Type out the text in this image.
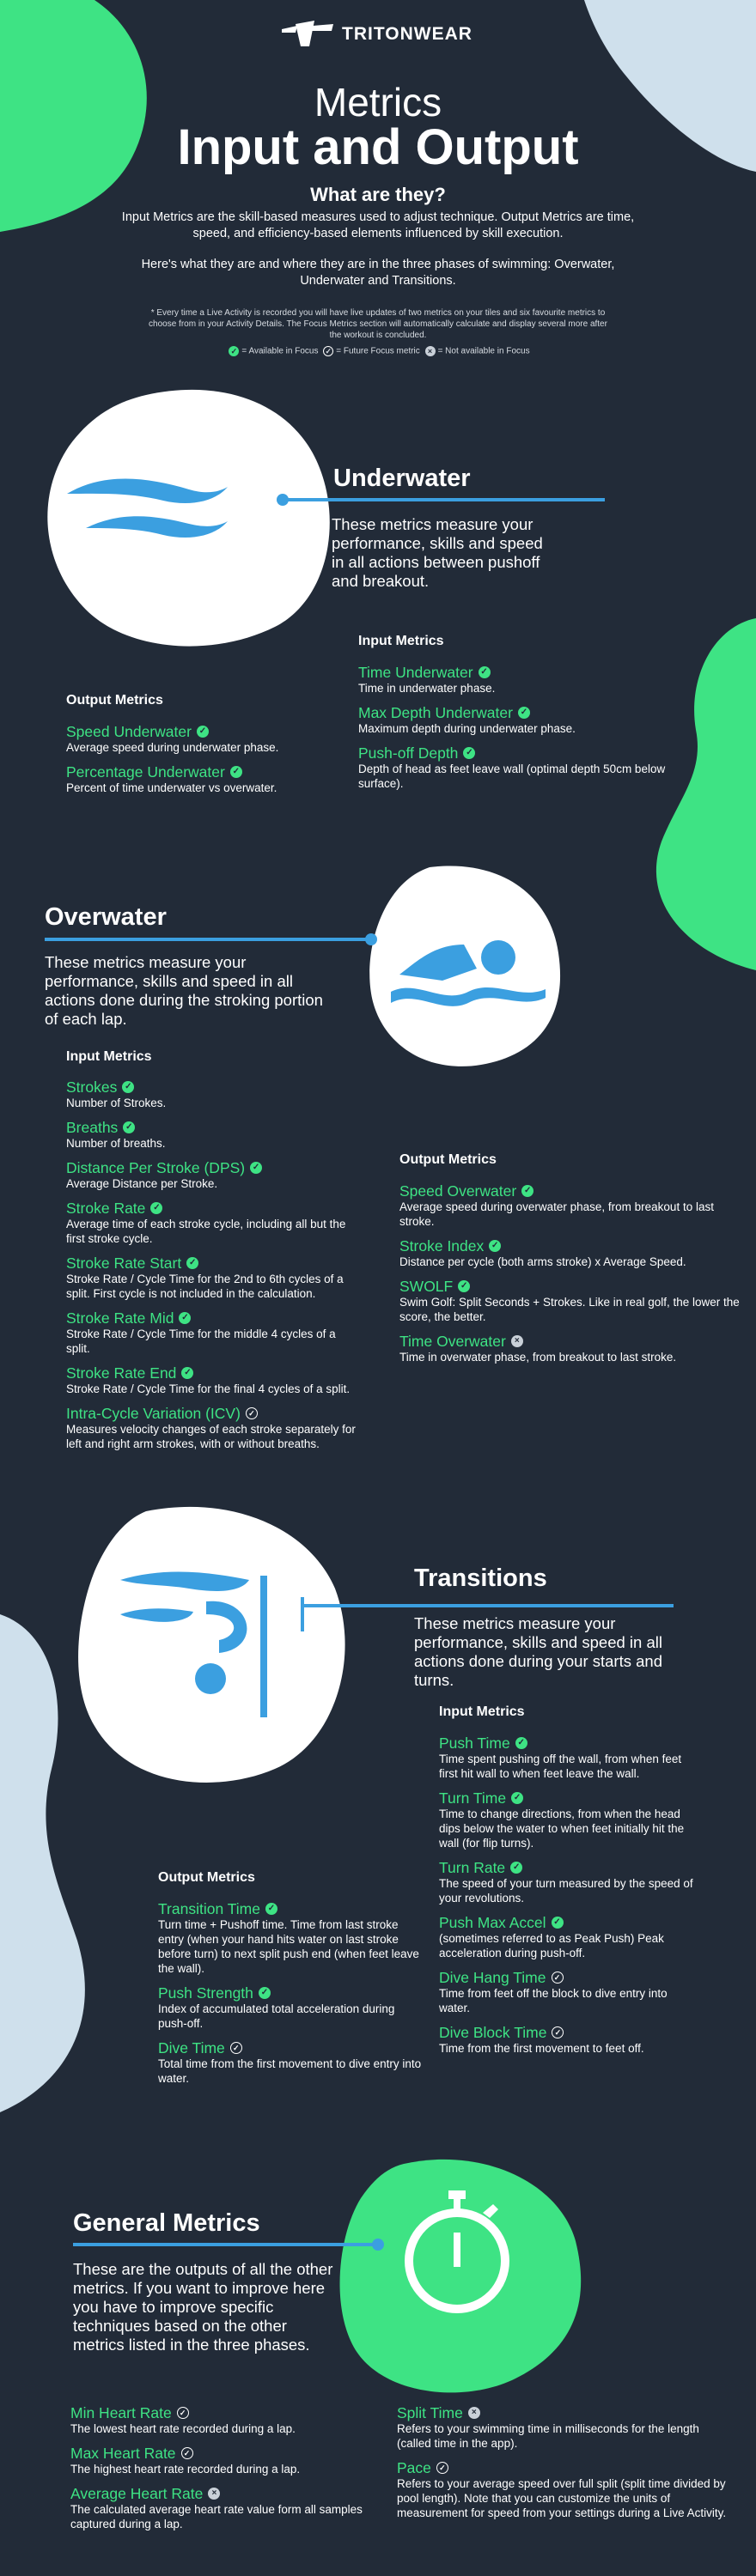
TRITONWEAR
Metrics
Input and Output
What are they?
Input Metrics are the skill-based measures used to adjust technique. Output Metrics are time, speed, and efficiency-based elements influenced by skill execution.
Here's what they are and where they are in the three phases of swimming: Overwater, Underwater and Transitions.
* Every time a Live Activity is recorded you will have live updates of two metrics on your tiles and six favourite metrics to choose from in your Activity Details. The Focus Metrics section will automatically calculate and display several more after the workout is concluded.
✓ = Available in Focus ✓ = Future Focus metric × = Not available in Focus
Underwater
These metrics measure your performance, skills and speed in all actions between pushoff and breakout.
Input Metrics
Time Underwater ✓
Time in underwater phase.
Max Depth Underwater ✓
Maximum depth during underwater phase.
Push-off Depth ✓
Depth of head as feet leave wall (optimal depth 50cm below surface).
Output Metrics
Speed Underwater ✓
Average speed during underwater phase.
Percentage Underwater ✓
Percent of time underwater vs overwater.
Overwater
These metrics measure your performance, skills and speed in all actions done during the stroking portion of each lap.
Input Metrics
Strokes ✓
Number of Strokes.
Breaths ✓
Number of breaths.
Distance Per Stroke (DPS) ✓
Average Distance per Stroke.
Stroke Rate ✓
Average time of each stroke cycle, including all but the first stroke cycle.
Stroke Rate Start ✓
Stroke Rate / Cycle Time for the 2nd to 6th cycles of a split. First cycle is not included in the calculation.
Stroke Rate Mid ✓
Stroke Rate / Cycle Time for the middle 4 cycles of a split.
Stroke Rate End ✓
Stroke Rate / Cycle Time for the final 4 cycles of a split.
Intra-Cycle Variation (ICV)	✓
Measures velocity changes of each stroke separately for left and right arm strokes, with or without breaths.
Output Metrics
Speed Overwater ✓
Average speed during overwater phase, from breakout to last stroke.
Stroke Index ✓
Distance per cycle (both arms stroke) x Average Speed.
SWOLF ✓
Swim Golf: Split Seconds + Strokes. Like in real golf, the lower the score, the better.
Time Overwater	×
Time in overwater phase, from breakout to last stroke.
Transitions
These metrics measure your performance, skills and speed in all actions done during your starts and turns.
Input Metrics
Push Time ✓
Time spent pushing off the wall, from when feet first hit wall to when feet leave the wall.
Turn Time ✓
Time to change directions, from when the head dips below the water to when feet initially hit the wall (for flip turns).
Turn Rate ✓
The speed of your turn measured by the speed of your revolutions.
Push Max Accel ✓
(sometimes referred to as Peak Push) Peak acceleration during push-off.
Dive Hang Time	✓
Time from feet off the block to dive entry into water.
Dive Block Time	✓
Time from the first movement to feet off.
Output Metrics
Transition Time ✓
Turn time + Pushoff time. Time from last stroke entry (when your hand hits water on last stroke before turn) to next split push end (when feet leave the wall).
Push Strength ✓
Index of accumulated total acceleration during push-off.
Dive Time	✓
Total time from the first movement to dive entry into water.
General Metrics
These are the outputs of all the other metrics. If you want to improve here you have to improve specific techniques based on the other metrics listed in the three phases.
Min Heart Rate	✓
The lowest heart rate recorded during a lap.
Max Heart Rate	✓
The highest heart rate recorded during a lap.
Average Heart Rate	×
The calculated average heart rate value form all samples captured during a lap.
Split Time	×
Refers to your swimming time in milliseconds for the length (called time in the app).
Pace	✓
Refers to your average speed over full split (split time divided by pool length). Note that you can customize the units of measurement for speed from your settings during a Live Activity.
